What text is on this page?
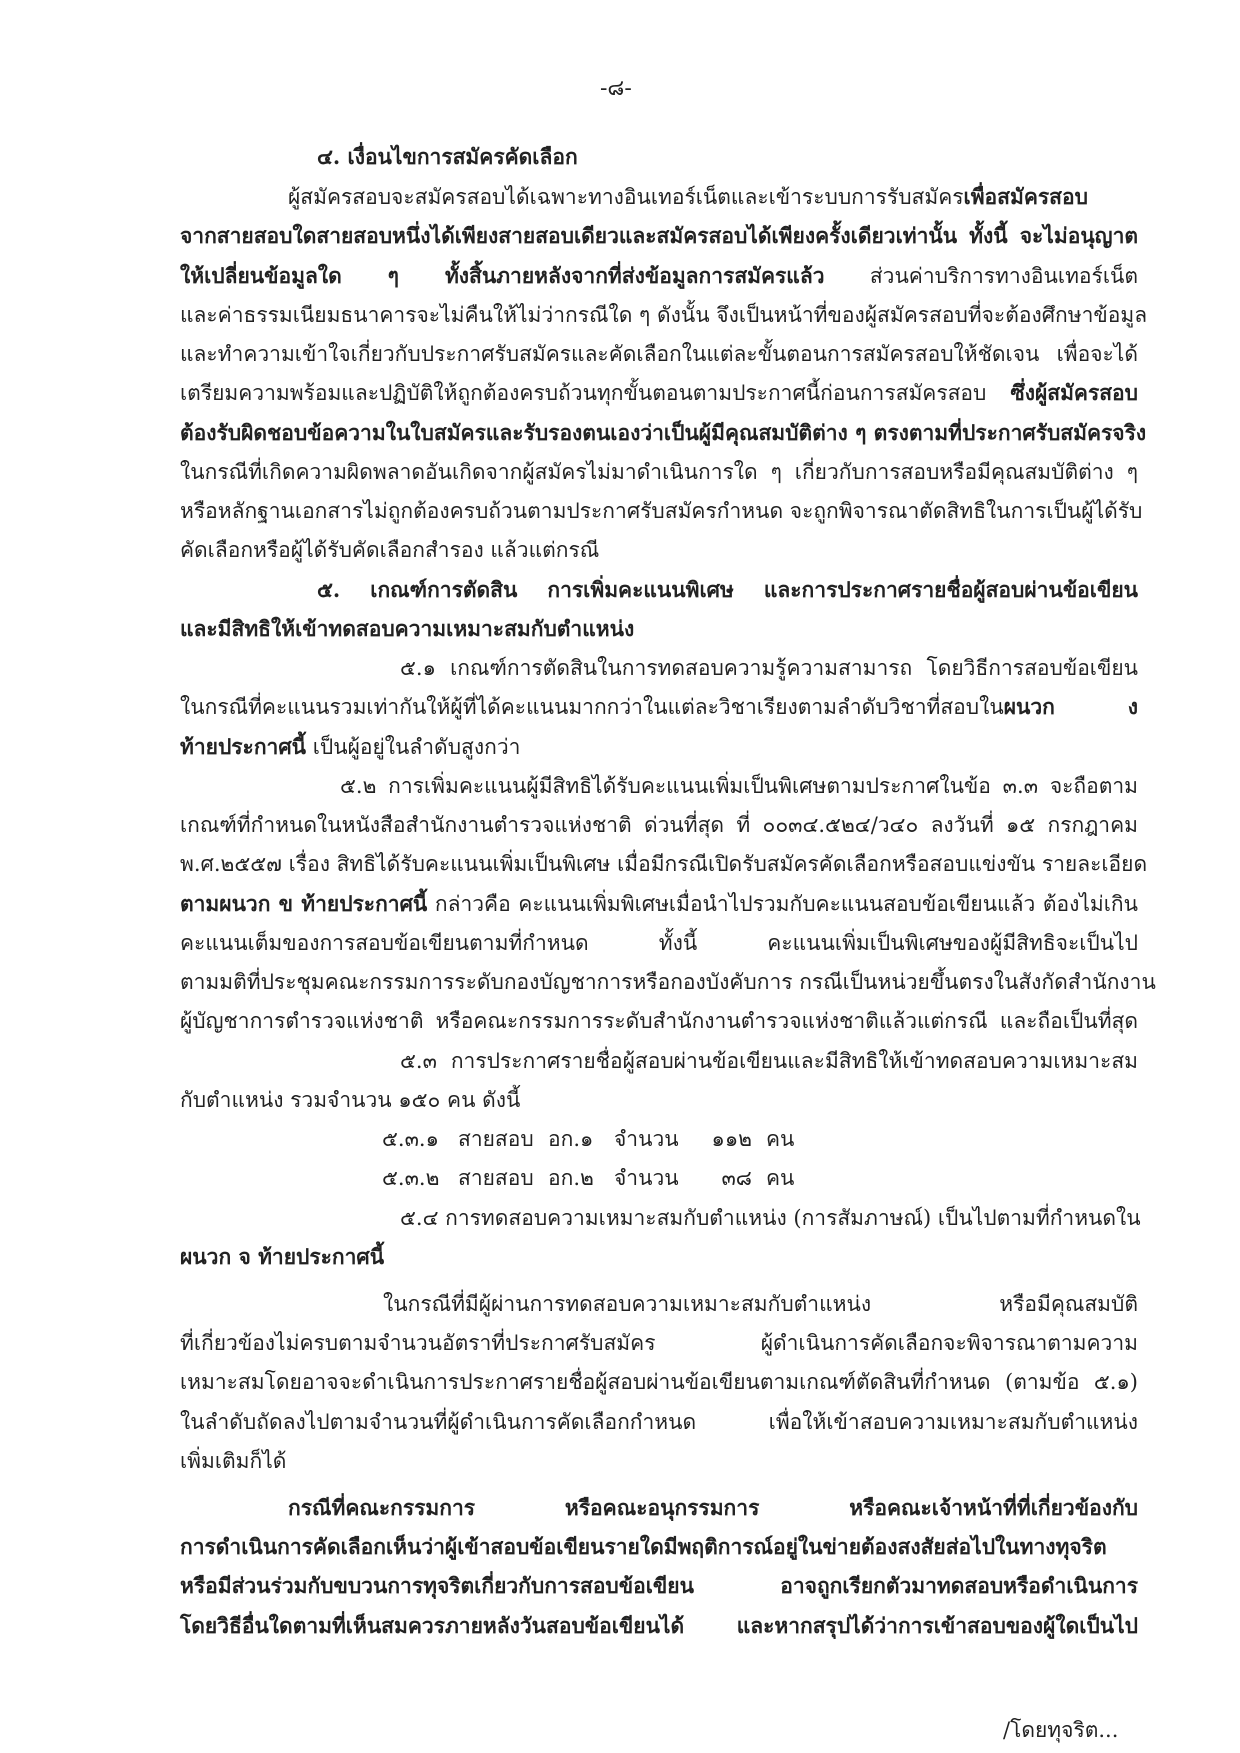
-๘-
๔. เงื่อนไขการสมัครคัดเลือก
ผู้สมัครสอบจะสมัครสอบได้เฉพาะทางอินเทอร์เน็ตและเข้าระบบการรับสมัครเพื่อสมัครสอบ
จากสายสอบใดสายสอบหนึ่งได้เพียงสายสอบเดียวและสมัครสอบได้เพียงครั้งเดียวเท่านั้น ทั้งนี้ จะไม่อนุญาต
ให้เปลี่ยนข้อมูลใด ๆ ทั้งสิ้นภายหลังจากที่ส่งข้อมูลการสมัครแล้ว ส่วนค่าบริการทางอินเทอร์เน็ต
และค่าธรรมเนียมธนาคารจะไม่คืนให้ไม่ว่ากรณีใด ๆ ดังนั้น จึงเป็นหน้าที่ของผู้สมัครสอบที่จะต้องศึกษาข้อมูล
และทำความเข้าใจเกี่ยวกับประกาศรับสมัครและคัดเลือกในแต่ละขั้นตอนการสมัครสอบให้ชัดเจน เพื่อจะได้
เตรียมความพร้อมและปฏิบัติให้ถูกต้องครบถ้วนทุกขั้นตอนตามประกาศนี้ก่อนการสมัครสอบ ซึ่งผู้สมัครสอบ
ต้องรับผิดชอบข้อความในใบสมัครและรับรองตนเองว่าเป็นผู้มีคุณสมบัติต่าง ๆ ตรงตามที่ประกาศรับสมัครจริง
ในกรณีที่เกิดความผิดพลาดอันเกิดจากผู้สมัครไม่มาดำเนินการใด ๆ เกี่ยวกับการสอบหรือมีคุณสมบัติต่าง ๆ
หรือหลักฐานเอกสารไม่ถูกต้องครบถ้วนตามประกาศรับสมัครกำหนด จะถูกพิจารณาตัดสิทธิในการเป็นผู้ได้รับ
คัดเลือกหรือผู้ได้รับคัดเลือกสำรอง แล้วแต่กรณี
๕. เกณฑ์การตัดสิน การเพิ่มคะแนนพิเศษ และการประกาศรายชื่อผู้สอบผ่านข้อเขียน
และมีสิทธิให้เข้าทดสอบความเหมาะสมกับตำแหน่ง
๕.๑ เกณฑ์การตัดสินในการทดสอบความรู้ความสามารถ โดยวิธีการสอบข้อเขียน
ในกรณีที่คะแนนรวมเท่ากันให้ผู้ที่ได้คะแนนมากกว่าในแต่ละวิชาเรียงตามลำดับวิชาที่สอบในผนวก ง
ท้ายประกาศนี้ เป็นผู้อยู่ในลำดับสูงกว่า
๕.๒ การเพิ่มคะแนนผู้มีสิทธิได้รับคะแนนเพิ่มเป็นพิเศษตามประกาศในข้อ ๓.๓ จะถือตาม
เกณฑ์ที่กำหนดในหนังสือสำนักงานตำรวจแห่งชาติ ด่วนที่สุด ที่ ๐๐๓๔.๕๒๔/ว๔๐ ลงวันที่ ๑๕ กรกฎาคม
พ.ศ.๒๕๕๗ เรื่อง สิทธิได้รับคะแนนเพิ่มเป็นพิเศษ เมื่อมีกรณีเปิดรับสมัครคัดเลือกหรือสอบแข่งขัน รายละเอียด
ตามผนวก ข ท้ายประกาศนี้ กล่าวคือ คะแนนเพิ่มพิเศษเมื่อนำไปรวมกับคะแนนสอบข้อเขียนแล้ว ต้องไม่เกิน
คะแนนเต็มของการสอบข้อเขียนตามที่กำหนด ทั้งนี้ คะแนนเพิ่มเป็นพิเศษของผู้มีสิทธิจะเป็นไป
ตามมติที่ประชุมคณะกรรมการระดับกองบัญชาการหรือกองบังคับการ กรณีเป็นหน่วยขึ้นตรงในสังกัดสำนักงาน
ผู้บัญชาการตำรวจแห่งชาติ หรือคณะกรรมการระดับสำนักงานตำรวจแห่งชาติแล้วแต่กรณี และถือเป็นที่สุด
๕.๓ การประกาศรายชื่อผู้สอบผ่านข้อเขียนและมีสิทธิให้เข้าทดสอบความเหมาะสม
กับตำแหน่ง รวมจำนวน ๑๕๐ คน ดังนี้
๕.๓.๑ สายสอบ อก.๑ จำนวน ๑๑๒ คน
๕.๓.๒ สายสอบ อก.๒ จำนวน ๓๘ คน
๕.๔ การทดสอบความเหมาะสมกับตำแหน่ง (การสัมภาษณ์) เป็นไปตามที่กำหนดใน
ผนวก จ ท้ายประกาศนี้
ในกรณีที่มีผู้ผ่านการทดสอบความเหมาะสมกับตำแหน่ง หรือมีคุณสมบัติ
ที่เกี่ยวข้องไม่ครบตามจำนวนอัตราที่ประกาศรับสมัคร ผู้ดำเนินการคัดเลือกจะพิจารณาตามความ
เหมาะสมโดยอาจจะดำเนินการประกาศรายชื่อผู้สอบผ่านข้อเขียนตามเกณฑ์ตัดสินที่กำหนด (ตามข้อ ๕.๑)
ในลำดับถัดลงไปตามจำนวนที่ผู้ดำเนินการคัดเลือกกำหนด เพื่อให้เข้าสอบความเหมาะสมกับตำแหน่ง
เพิ่มเติมก็ได้
กรณีที่คณะกรรมการ หรือคณะอนุกรรมการ หรือคณะเจ้าหน้าที่ที่เกี่ยวข้องกับ
การดำเนินการคัดเลือกเห็นว่าผู้เข้าสอบข้อเขียนรายใดมีพฤติการณ์อยู่ในข่ายต้องสงสัยส่อไปในทางทุจริต
หรือมีส่วนร่วมกับขบวนการทุจริตเกี่ยวกับการสอบข้อเขียน อาจถูกเรียกตัวมาทดสอบหรือดำเนินการ
โดยวิธีอื่นใดตามที่เห็นสมควรภายหลังวันสอบข้อเขียนได้ และหากสรุปได้ว่าการเข้าสอบของผู้ใดเป็นไป
/โดยทุจริต...
